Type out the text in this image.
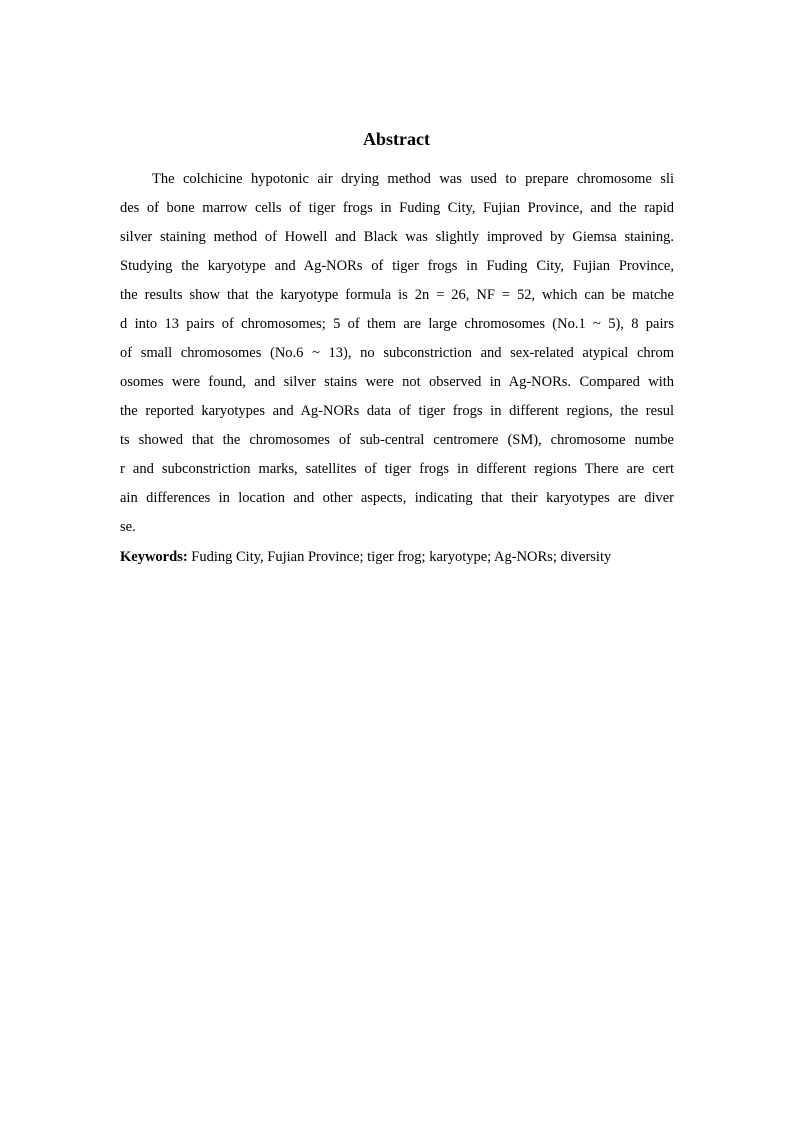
Abstract
The colchicine hypotonic air drying method was used to prepare chromosome sli
des of bone marrow cells of tiger frogs in Fuding City, Fujian Province, and the rapid
silver staining method of Howell and Black was slightly improved by Giemsa staining.
Studying the karyotype and Ag-NORs of tiger frogs in Fuding City, Fujian Province,
the results show that the karyotype formula is 2n = 26, NF = 52, which can be matche
d into 13 pairs of chromosomes; 5 of them are large chromosomes (No.1 ~ 5), 8 pairs
of small chromosomes (No.6 ~ 13), no subconstriction and sex-related atypical chrom
osomes were found, and silver stains were not observed in Ag-NORs. Compared with
the reported karyotypes and Ag-NORs data of tiger frogs in different regions, the resul
ts showed that the chromosomes of sub-central centromere (SM), chromosome numbe
r and subconstriction marks, satellites of tiger frogs in different regions There are cert
ain differences in location and other aspects, indicating that their karyotypes are diver
se.
Keywords: Fuding City, Fujian Province; tiger frog; karyotype; Ag-NORs; diversity
